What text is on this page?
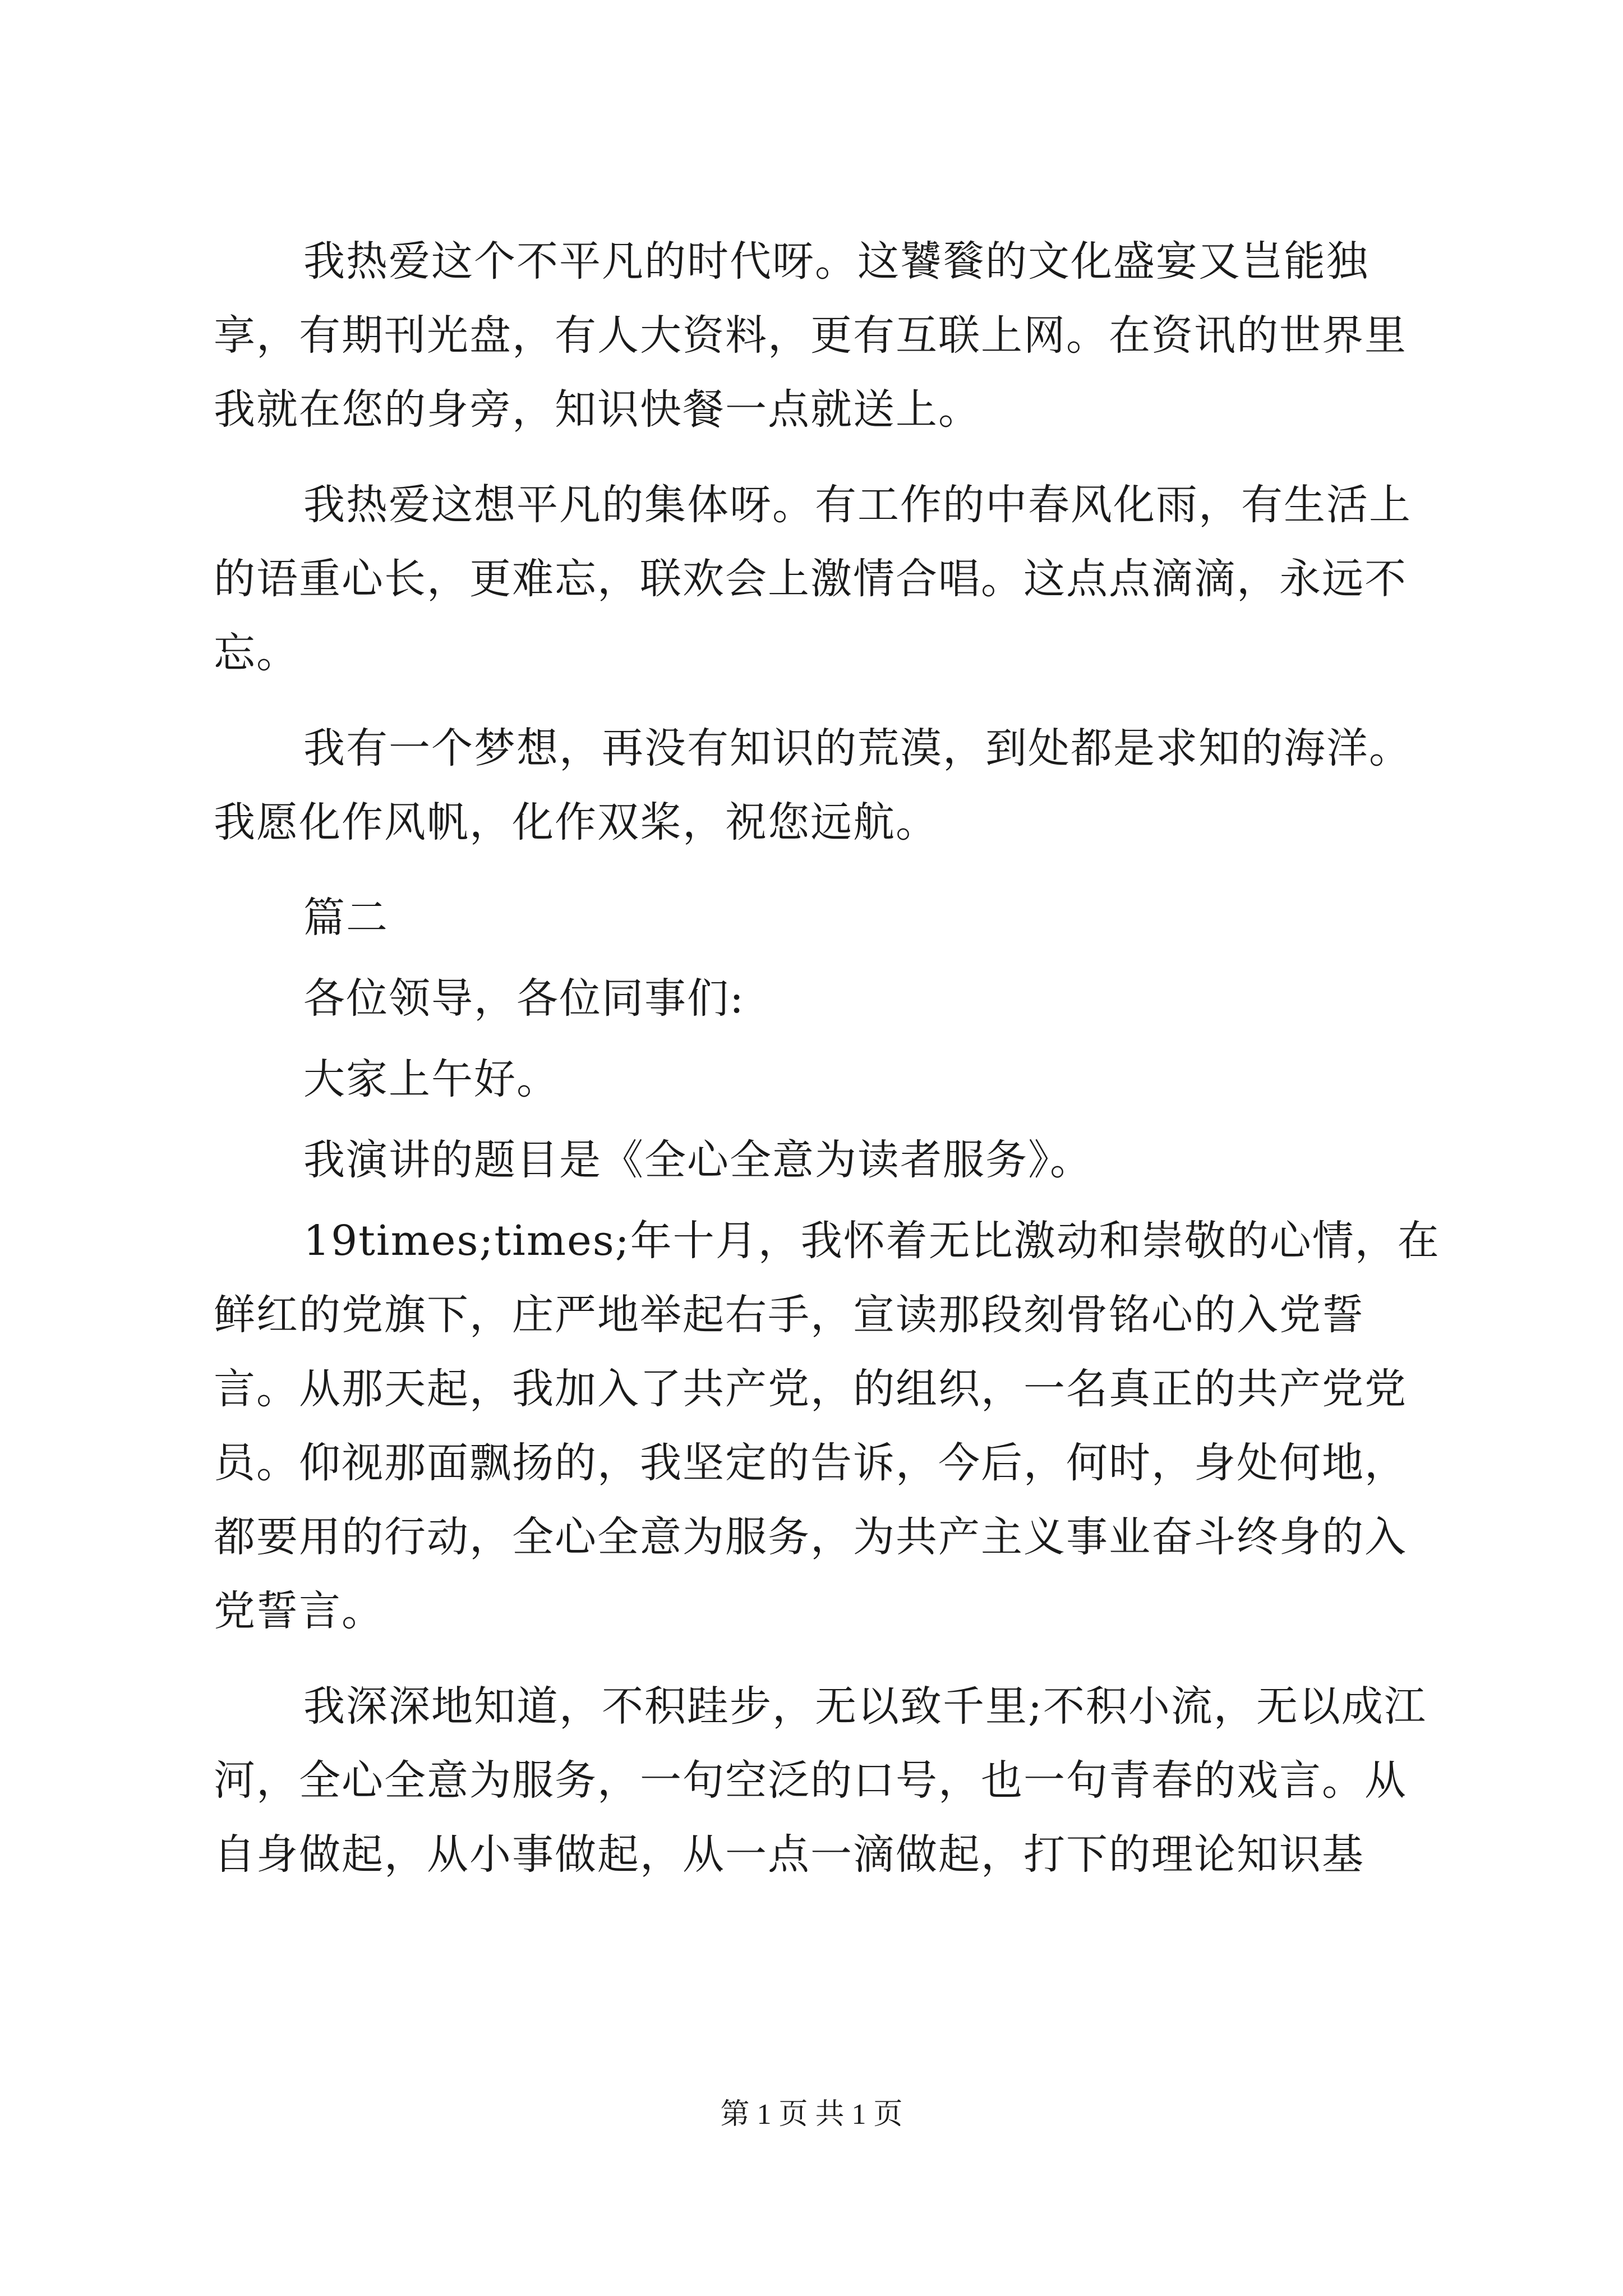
我热爱这个不平凡的时代呀。这饕餮的文化盛宴又岂能独享，有期刊光盘，有人大资料，更有互联上网。在资讯的世界里我就在您的身旁，知识快餐一点就送上。

我热爱这想平凡的集体呀。有工作的中春风化雨，有生活上的语重心长，更难忘，联欢会上激情合唱。这点点滴滴，永远不忘。

我有一个梦想，再没有知识的荒漠，到处都是求知的海洋。我愿化作风帆，化作双桨，祝您远航。

篇二

各位领导，各位同事们:

大家上午好。

我演讲的题目是《全心全意为读者服务》。

19times;times;年十月，我怀着无比激动和崇敬的心情，在鲜红的党旗下，庄严地举起右手，宣读那段刻骨铭心的入党誓言。从那天起，我加入了共产党，的组织，一名真正的共产党党员。仰视那面飘扬的，我坚定的告诉，今后，何时，身处何地，都要用的行动，全心全意为服务，为共产主义事业奋斗终身的入党誓言。

我深深地知道，不积跬步，无以致千里;不积小流，无以成江河，全心全意为服务，一句空泛的口号，也一句青春的戏言。从自身做起，从小事做起，从一点一滴做起，打下的理论知识基

第 1 页 共 1 页
